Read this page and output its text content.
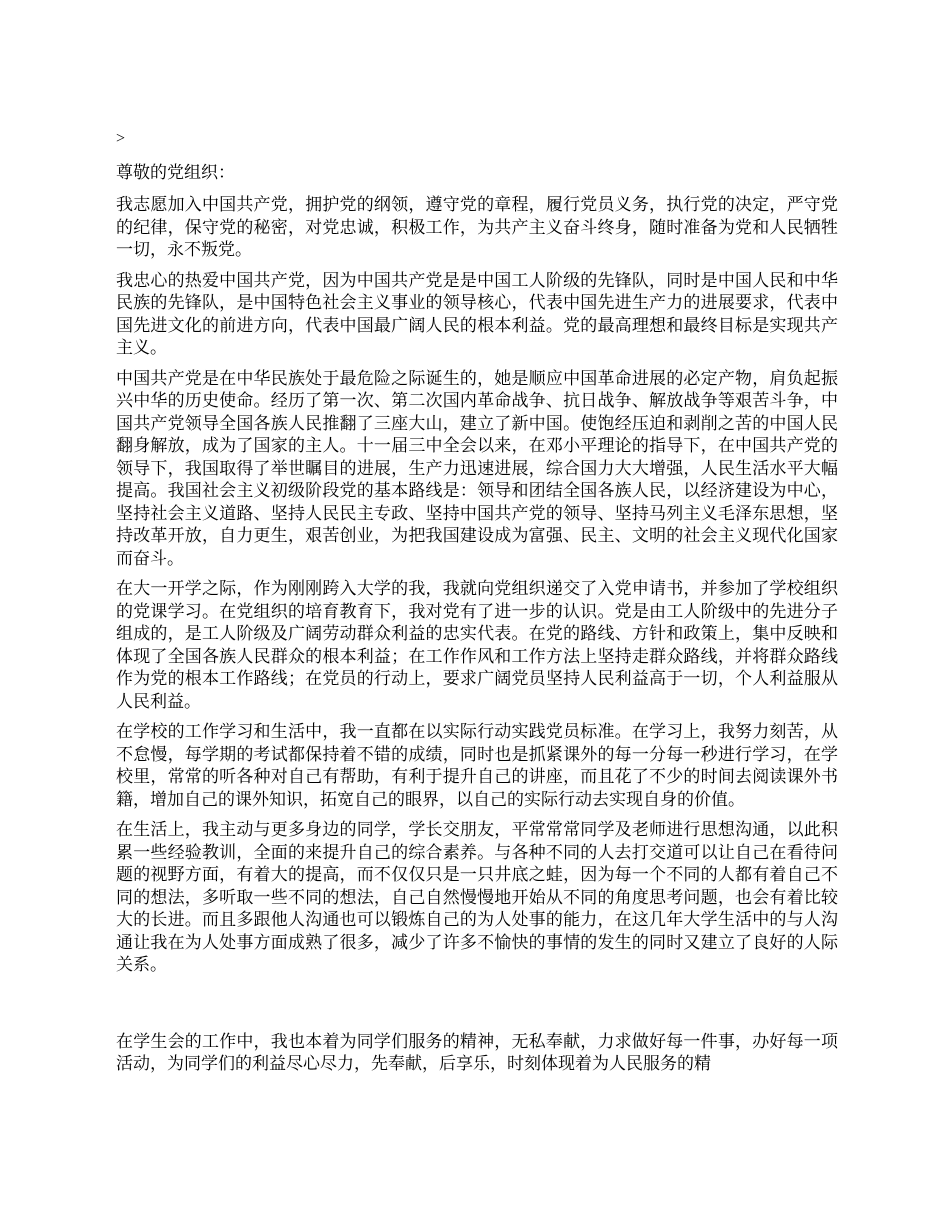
>
尊敬的党组织：

我志愿加入中国共产党，拥护党的纲领，遵守党的章程，履行党员义务，执行党的决定，严守党的纪律，保守党的秘密，对党忠诚，积极工作，为共产主义奋斗终身，随时准备为党和人民牺牲一切，永不叛党。

我忠心的热爱中国共产党，因为中国共产党是是中国工人阶级的先锋队，同时是中国人民和中华民族的先锋队，是中国特色社会主义事业的领导核心，代表中国先进生产力的进展要求，代表中国先进文化的前进方向，代表中国最广阔人民的根本利益。党的最高理想和最终目标是实现共产主义。

中国共产党是在中华民族处于最危险之际诞生的，她是顺应中国革命进展的必定产物，肩负起振兴中华的历史使命。经历了第一次、第二次国内革命战争、抗日战争、解放战争等艰苦斗争，中国共产党领导全国各族人民推翻了三座大山，建立了新中国。使饱经压迫和剥削之苦的中国人民翻身解放，成为了国家的主人。十一届三中全会以来，在邓小平理论的指导下，在中国共产党的领导下，我国取得了举世瞩目的进展，生产力迅速进展，综合国力大大增强，人民生活水平大幅提高。我国社会主义初级阶段党的基本路线是：领导和团结全国各族人民，以经济建设为中心，坚持社会主义道路、坚持人民民主专政、坚持中国共产党的领导、坚持马列主义毛泽东思想，坚持改革开放，自力更生，艰苦创业，为把我国建设成为富强、民主、文明的社会主义现代化国家而奋斗。

在大一开学之际，作为刚刚跨入大学的我，我就向党组织递交了入党申请书，并参加了学校组织的党课学习。在党组织的培育教育下，我对党有了进一步的认识。党是由工人阶级中的先进分子组成的，是工人阶级及广阔劳动群众利益的忠实代表。在党的路线、方针和政策上，集中反映和体现了全国各族人民群众的根本利益；在工作作风和工作方法上坚持走群众路线，并将群众路线作为党的根本工作路线；在党员的行动上，要求广阔党员坚持人民利益高于一切，个人利益服从人民利益。

在学校的工作学习和生活中，我一直都在以实际行动实践党员标准。在学习上，我努力刻苦，从不怠慢，每学期的考试都保持着不错的成绩，同时也是抓紧课外的每一分每一秒进行学习，在学校里，常常的听各种对自己有帮助，有利于提升自己的讲座，而且花了不少的时间去阅读课外书籍，增加自己的课外知识，拓宽自己的眼界，以自己的实际行动去实现自身的价值。

在生活上，我主动与更多身边的同学，学长交朋友，平常常常同学及老师进行思想沟通，以此积累一些经验教训，全面的来提升自己的综合素养。与各种不同的人去打交道可以让自己在看待问题的视野方面，有着大的提高，而不仅仅只是一只井底之蛙，因为每一个不同的人都有着自己不同的想法，多听取一些不同的想法，自己自然慢慢地开始从不同的角度思考问题，也会有着比较大的长进。而且多跟他人沟通也可以锻炼自己的为人处事的能力，在这几年大学生活中的与人沟通让我在为人处事方面成熟了很多，减少了许多不愉快的事情的发生的同时又建立了良好的人际关系。

在学生会的工作中，我也本着为同学们服务的精神，无私奉献，力求做好每一件事，办好每一项活动，为同学们的利益尽心尽力，先奉献，后享乐，时刻体现着为人民服务的精
